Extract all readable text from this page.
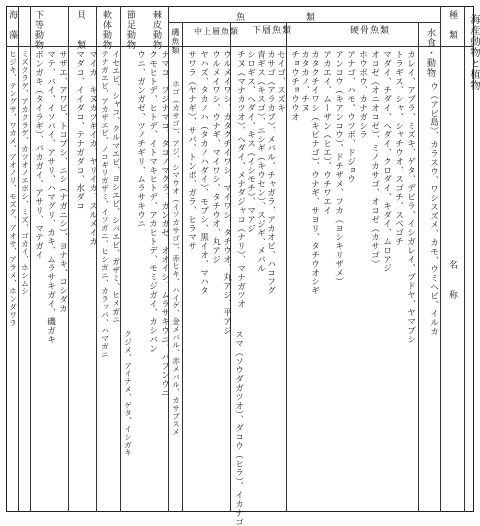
海産動物と植物
種　類
魚　　　　　　類
名　　称
水食・動物
硬骨魚類
下層魚類
中上層魚類
磯魚類
棘皮動物
節足動物
軟体動物
貝　　類
下等動物
海　藻
ウ（アビ島）、カラスウ、ワシスズメ、カモ、ウミヘビ、イルカ
カレイ、アブラ、ミズキ、ゲタ、デビラ、イシガレイ、ブドヤ、ヤマブシ
トラギス、シャ、シャチウオ、スゴチ、スベゴチ
マダイ、チダイ、ヘダイ、クロダイ、キダイ、ムロアジ
オコゼ（オニオコゼ）、ミノカサゴ、オコゼ（カサゴ）
ホウボウ、カナガシラ
アナゴ、ハモ、ウツボ、ドジョウ
アンコウ（キアンコウ）、ドチザメ、フカ（ヨシキリザメ）
アカエイ、ムーザン（ヒエ）、ウチワエイ
カタクチイワシ（キビナゴ）、ウナギ、サヨリ、タチウオシギ
カタカノ、チヌ
チョウチョウウオ
セイゴ、スズキ
カサゴ（アラカブ）、メバル、チャガラ、アカオビ、ハコフグ
青ギス（キスゴ）、ニシギ（キウセン）、スジギ、メバル
シロギス、ヘダイ、キス（イシモチ）、マアジ
チヌ（マナカツオ）、ヘダイ、メナダジャコ（ナリ）、マナガツオ
スマ（ソウダガツオ）、ダコウ（ヒラ）、イカナゴ
ウルメイワシ、カタクチイワシ、マイワシ、タチウオ、丸アジ、平アジ
ウルメイワシ、ウナギ、マイワシ、タチウオ、丸アジ
ヤハズ、タカノハ（タカノハダイ）、モブシ、黒イオ、マハタ
サワラ（ヤナギ）、サバ、トンボ、ガラ、ヒラマサ
ホゴ（カサゴ）、アジ、シマウオ（イソカサゴ）、赤ヒキ、ハイゲ、金メバル、赤メバル、カサブスメ
ナマコ、フジナマコ、タコノマクラ、ガンガゼ、オオイシ、ムラサキウニ、バフンウニ
クモヒトデ、ヒトデ、イトマキヒトデ、アカヒトデ、モミジガイ、カシバン
ウニ、ガンガゼ、ツノチギリ、ムラサキウニ
クジメ、アイナメ、ゲタ、イシガキ
イセエビ、シャコ、クルマエビ、ヨシエビ、シバエビ、ガザミ、ヒメガニ
テナガエビ、アカザエビ、ノコギリガザミ、イソガニ、ヒシガニ、カラッパ、ハマガニ
マイカ、キヌカツギイカ、ヤリイカ、スルメイカ
マダコ、イイダコ、テナガダコ、水ダコ
サザエ、アワビ、トコブシ、ニシ（ナガニシ）、ヨナキ、コシダカ
マテ、バイ、イソバイ、アサリ、ハマグリ、カキ、ムラサキガイ、磯ガキ
ボンガキ（タイラギ）、バカガイ、アサリ、マテガイ
ミズクラゲ、アカクラゲ、カツオノエボシ、ミズ、ゴカイ、ホシムシ
ヒジキ、テングサ、ワカメ、アオノリ、モズク、アオサ、アラメ、ホンダワラ
